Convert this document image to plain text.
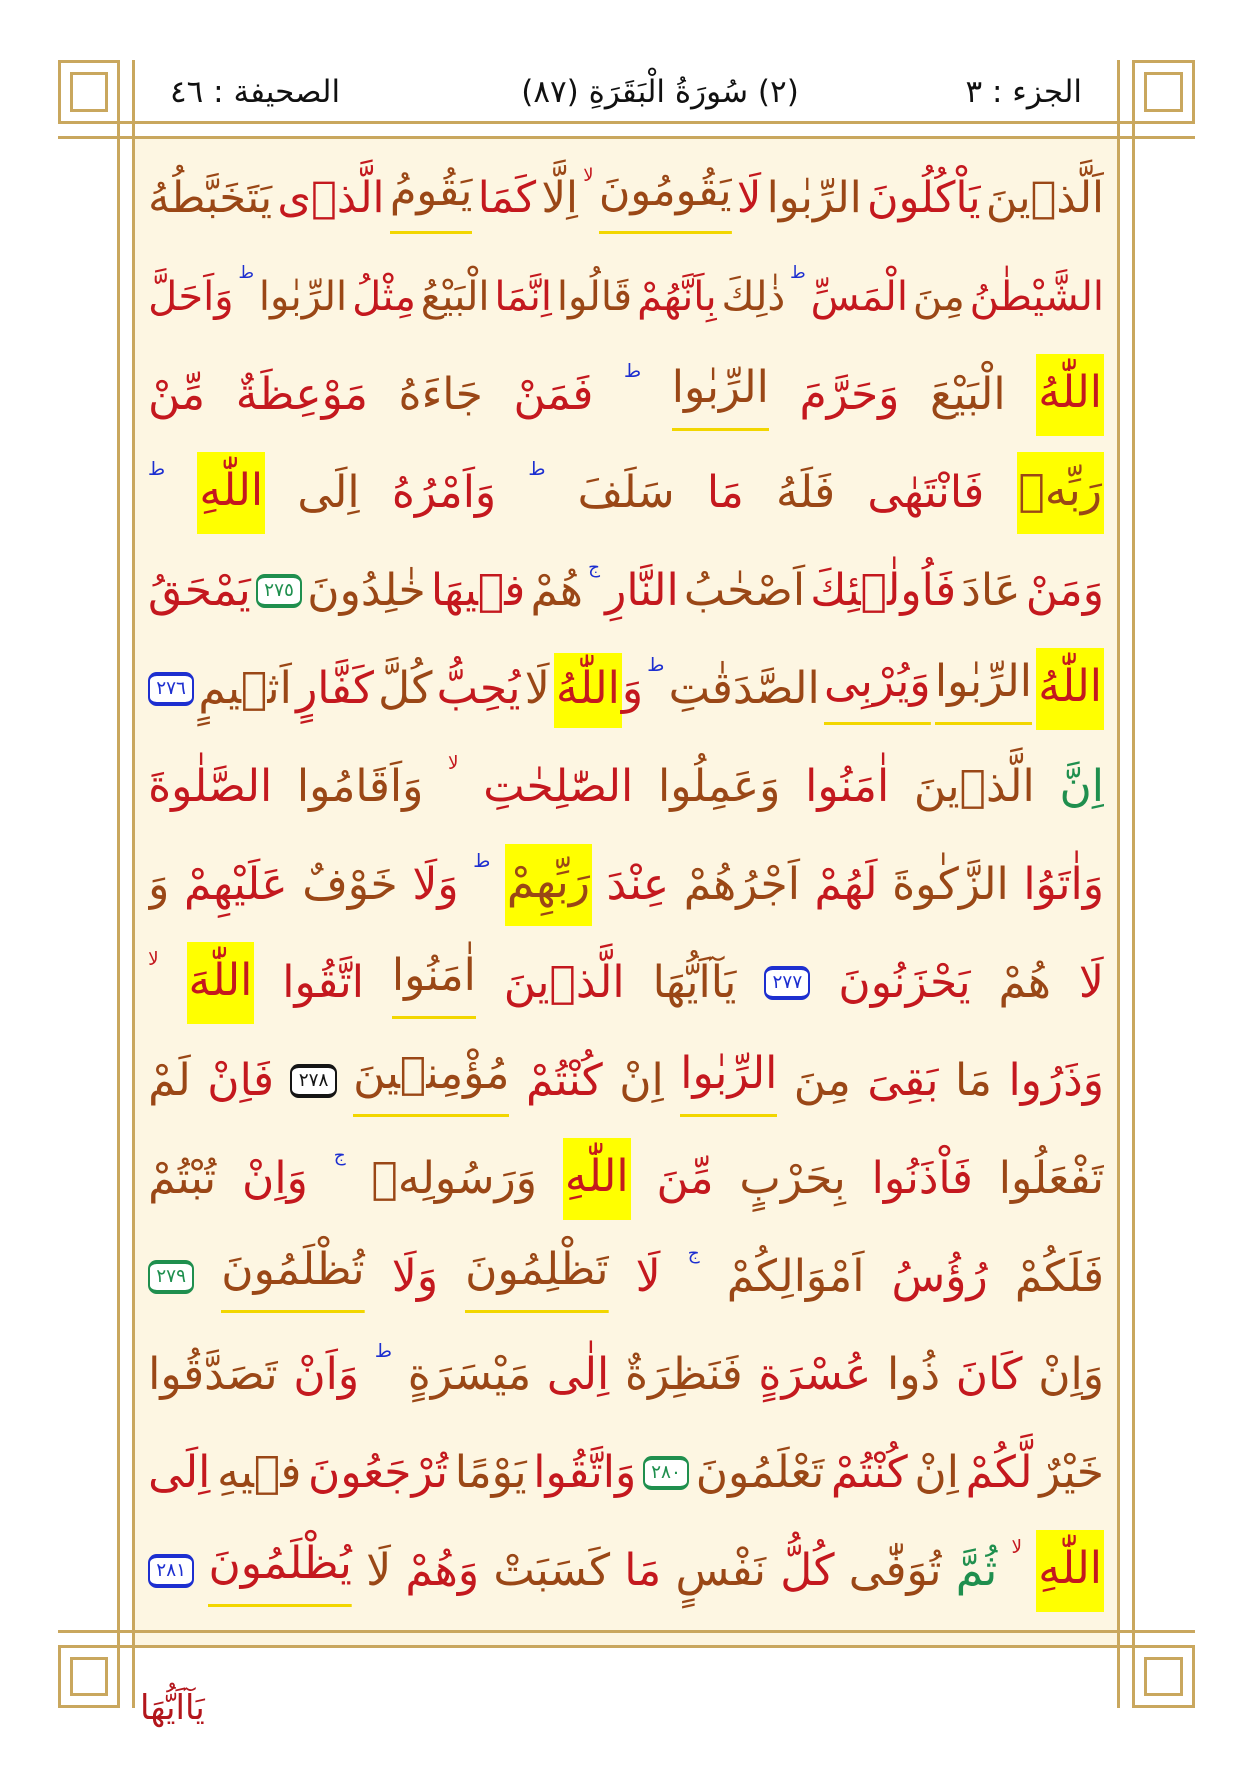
الجزء : ٣
(٢) سُورَةُ الْبَقَرَةِ (٨٧)
الصحيفة : ٤٦
اَلَّذٖينَ
يَاْكُلُونَ
الرِّبٰوا
لَا
يَقُومُونَ
لا
اِلَّا
كَمَا
يَقُومُ
الَّذٖى
يَتَخَبَّطُهُ
الشَّيْطٰنُ
مِنَ
الْمَسِّ
ط
ذٰلِكَ
بِاَنَّهُمْ
قَالُوا
اِنَّمَا
الْبَيْعُ
مِثْلُ
الرِّبٰوا
ط
وَاَحَلَّ
اللّٰهُ
الْبَيْعَ
وَحَرَّمَ
الرِّبٰوا
ط
فَمَنْ
جَاءَهُ
مَوْعِظَةٌ
مِّنْ
رَبِّهٖ
فَانْتَهٰى
فَلَهُ
مَا
سَلَفَ
ط
وَاَمْرُهُ
اِلَى
اللّٰهِ
ط
وَمَنْ
عَادَ
فَاُولٰۤئِكَ
اَصْحٰبُ
النَّارِ
ج
هُمْ
فٖيهَا
خٰلِدُونَ
٢٧٥
يَمْحَقُ
اللّٰهُ
الرِّبٰوا
وَيُرْبِى
الصَّدَقٰتِ
ط
وَاللّٰهُ
لَا
يُحِبُّ
كُلَّ
كَفَّارٍ
اَثٖيمٍ
٢٧٦
اِنَّ
الَّذٖينَ
اٰمَنُوا
وَعَمِلُوا
الصّٰلِحٰتِ
لا
وَاَقَامُوا
الصَّلٰوةَ
وَاٰتَوُا
الزَّكٰوةَ
لَهُمْ
اَجْرُهُمْ
عِنْدَ
رَبِّهِمْ
ط
وَلَا
خَوْفٌ
عَلَيْهِمْ
وَ
لَا
هُمْ
يَحْزَنُونَ
٢٧٧
يَآاَيُّهَا
الَّذٖينَ
اٰمَنُوا
اتَّقُوا
اللّٰهَ
لا
وَذَرُوا
مَا
بَقِىَ
مِنَ
الرِّبٰوا
اِنْ
كُنْتُمْ
مُؤْمِنٖينَ
٢٧٨
فَاِنْ
لَمْ
تَفْعَلُوا
فَاْذَنُوا
بِحَرْبٍ
مِّنَ
اللّٰهِ
وَرَسُولِهٖ
ج
وَاِنْ
تُبْتُمْ
فَلَكُمْ
رُؤُسُ
اَمْوَالِكُمْ
ج
لَا
تَظْلِمُونَ
وَلَا
تُظْلَمُونَ
٢٧٩
وَاِنْ
كَانَ
ذُوا
عُسْرَةٍ
فَنَظِرَةٌ
اِلٰى
مَيْسَرَةٍ
ط
وَاَنْ
تَصَدَّقُوا
خَيْرٌ
لَّكُمْ
اِنْ
كُنْتُمْ
تَعْلَمُونَ
٢٨٠
وَاتَّقُوا
يَوْمًا
تُرْجَعُونَ
فٖيهِ
اِلَى
اللّٰهِ
لا
ثُمَّ
تُوَفّٰى
كُلُّ
نَفْسٍ
مَا
كَسَبَتْ
وَهُمْ
لَا
يُظْلَمُونَ
٢٨١
يَآاَيُّهَا
